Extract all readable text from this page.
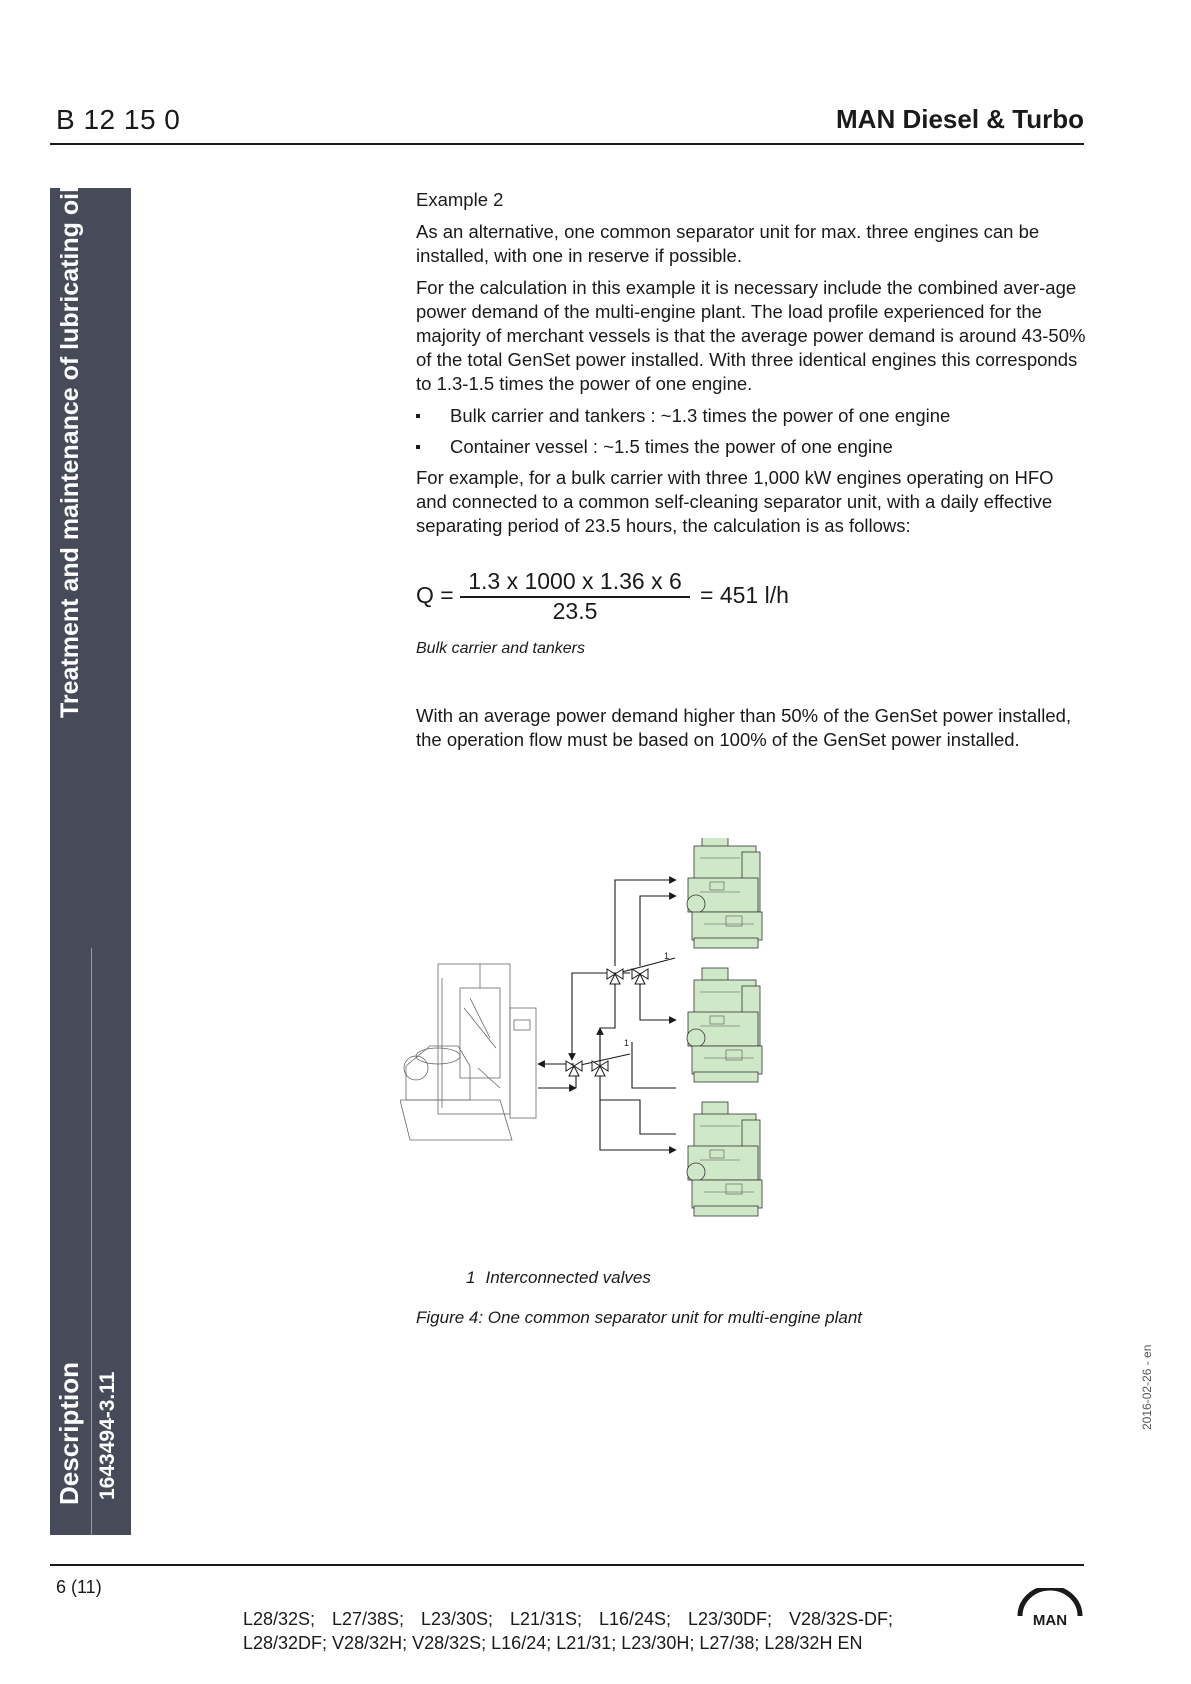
B 12 15 0	MAN Diesel & Turbo
Treatment and maintenance of lubricating oil
Description 1643494-3.11

Example 2

As an alternative, one common separator unit for max. three engines can be installed, with one in reserve if possible.

For the calculation in this example it is necessary include the combined aver-age power demand of the multi-engine plant. The load profile experienced for the majority of merchant vessels is that the average power demand is around 43-50% of the total GenSet power installed. With three identical engines this corresponds to 1.3-1.5 times the power of one engine.

Bulk carrier and tankers : ~1.3 times the power of one engine
Container vessel : ~1.5 times the power of one engine

For example, for a bulk carrier with three 1,000 kW engines operating on HFO and connected to a common self-cleaning separator unit, with a daily effective separating period of 23.5 hours, the calculation is as follows:

Q =
1.3 x 1000 x 1.36 x 6
23.5
= 451 l/h
Bulk carrier and tankers
With an average power demand higher than 50% of the GenSet power installed, the operation flow must be based on 100% of the GenSet power installed.
1
1
1 Interconnected valves
Figure 4: One common separator unit for multi-engine plant
2016-02-26 - en
6 (11)
L28/32S; L27/38S; L23/30S; L21/31S; L16/24S; L23/30DF; V28/32S-DF; L28/32DF; V28/32H; V28/32S; L16/24; L21/31; L23/30H; L27/38; L28/32H EN
MAN
